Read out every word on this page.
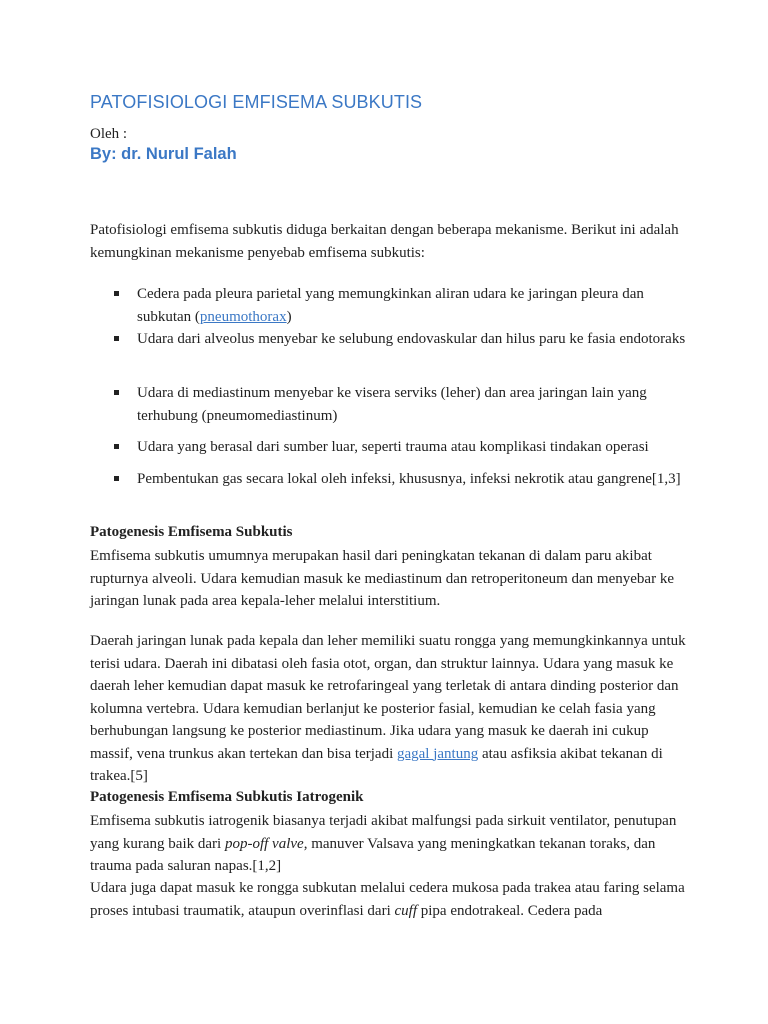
PATOFISIOLOGI EMFISEMA SUBKUTIS
Oleh :
By: dr. Nurul Falah

Patofisiologi emfisema subkutis diduga berkaitan dengan beberapa mekanisme. Berikut ini adalah kemungkinan mekanisme penyebab emfisema subkutis:

Cedera pada pleura parietal yang memungkinkan aliran udara ke jaringan pleura dan subkutan (pneumothorax)
Udara dari alveolus menyebar ke selubung endovaskular dan hilus paru ke fasia endotoraks
Udara di mediastinum menyebar ke visera serviks (leher) dan area jaringan lain yang terhubung (pneumomediastinum)
Udara yang berasal dari sumber luar, seperti trauma atau komplikasi tindakan operasi
Pembentukan gas secara lokal oleh infeksi, khususnya, infeksi nekrotik atau gangrene[1,3]
Patogenesis Emfisema Subkutis

Emfisema subkutis umumnya merupakan hasil dari peningkatan tekanan di dalam paru akibat rupturnya alveoli. Udara kemudian masuk ke mediastinum dan retroperitoneum dan menyebar ke jaringan lunak pada area kepala-leher melalui interstitium.

Daerah jaringan lunak pada kepala dan leher memiliki suatu rongga yang memungkinkannya untuk terisi udara. Daerah ini dibatasi oleh fasia otot, organ, dan struktur lainnya. Udara yang masuk ke daerah leher kemudian dapat masuk ke retrofaringeal yang terletak di antara dinding posterior dan kolumna vertebra. Udara kemudian berlanjut ke posterior fasial, kemudian ke celah fasia yang berhubungan langsung ke posterior mediastinum. Jika udara yang masuk ke daerah ini cukup massif, vena trunkus akan tertekan dan bisa terjadi gagal jantung atau asfiksia akibat tekanan di trakea.[5]

Patogenesis Emfisema Subkutis Iatrogenik

Emfisema subkutis iatrogenik biasanya terjadi akibat malfungsi pada sirkuit ventilator, penutupan yang kurang baik dari pop-off valve, manuver Valsava yang meningkatkan tekanan toraks, dan trauma pada saluran napas.[1,2]

Udara juga dapat masuk ke rongga subkutan melalui cedera mukosa pada trakea atau faring selama proses intubasi traumatik, ataupun overinflasi dari cuff pipa endotrakeal. Cedera pada
